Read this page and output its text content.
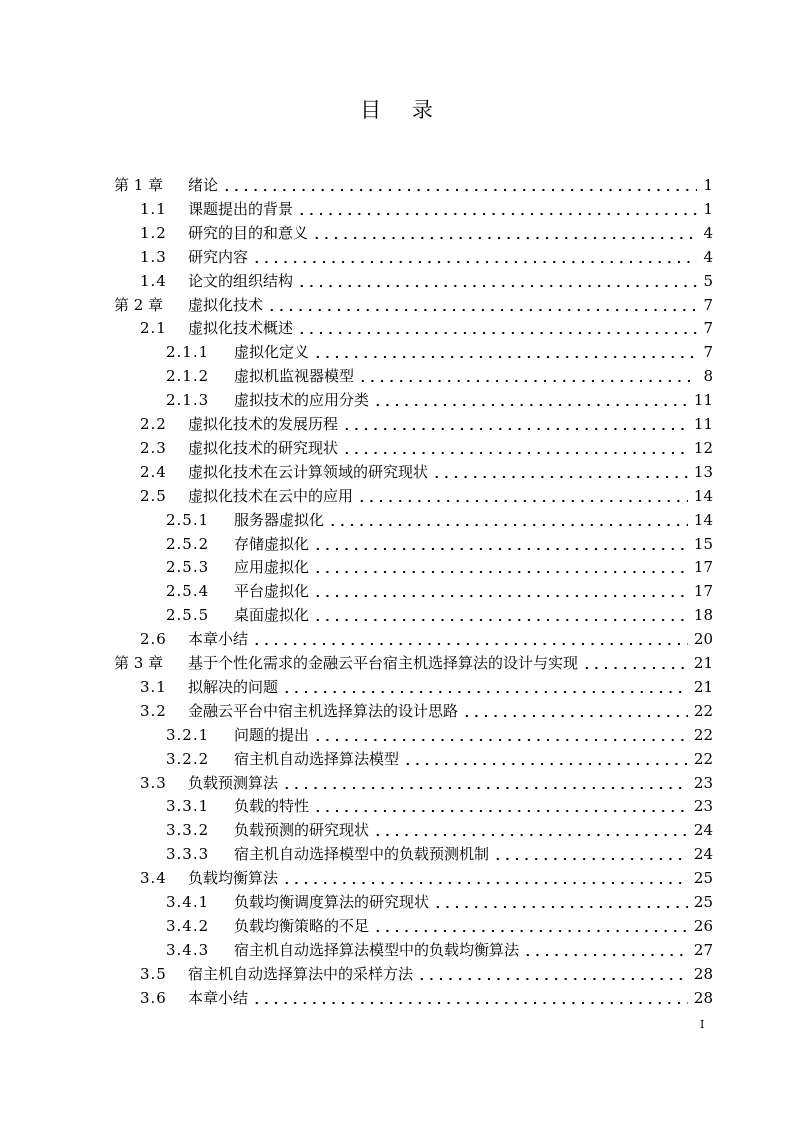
目 录
第 1 章	绪论	1
1.1	课题提出的背景	1
1.2	研究的目的和意义	4
1.3	研究内容	4
1.4	论文的组织结构	5
第 2 章	虚拟化技术	7
2.1	虚拟化技术概述	7
2.1.1	虚拟化定义	7
2.1.2	虚拟机监视器模型	8
2.1.3	虚拟技术的应用分类	11
2.2	虚拟化技术的发展历程	11
2.3	虚拟化技术的研究现状	12
2.4	虚拟化技术在云计算领域的研究现状	13
2.5	虚拟化技术在云中的应用	14
2.5.1	服务器虚拟化	14
2.5.2	存储虚拟化	15
2.5.3	应用虚拟化	17
2.5.4	平台虚拟化	17
2.5.5	桌面虚拟化	18
2.6	本章小结	20
第 3 章	基于个性化需求的金融云平台宿主机选择算法的设计与实现	21
3.1	拟解决的问题	21
3.2	金融云平台中宿主机选择算法的设计思路	22
3.2.1	问题的提出	22
3.2.2	宿主机自动选择算法模型	22
3.3	负载预测算法	23
3.3.1	负载的特性	23
3.3.2	负载预测的研究现状	24
3.3.3	宿主机自动选择模型中的负载预测机制	24
3.4	负载均衡算法	25
3.4.1	负载均衡调度算法的研究现状	25
3.4.2	负载均衡策略的不足	26
3.4.3	宿主机自动选择算法模型中的负载均衡算法	27
3.5	宿主机自动选择算法中的采样方法	28
3.6	本章小结	28
I
